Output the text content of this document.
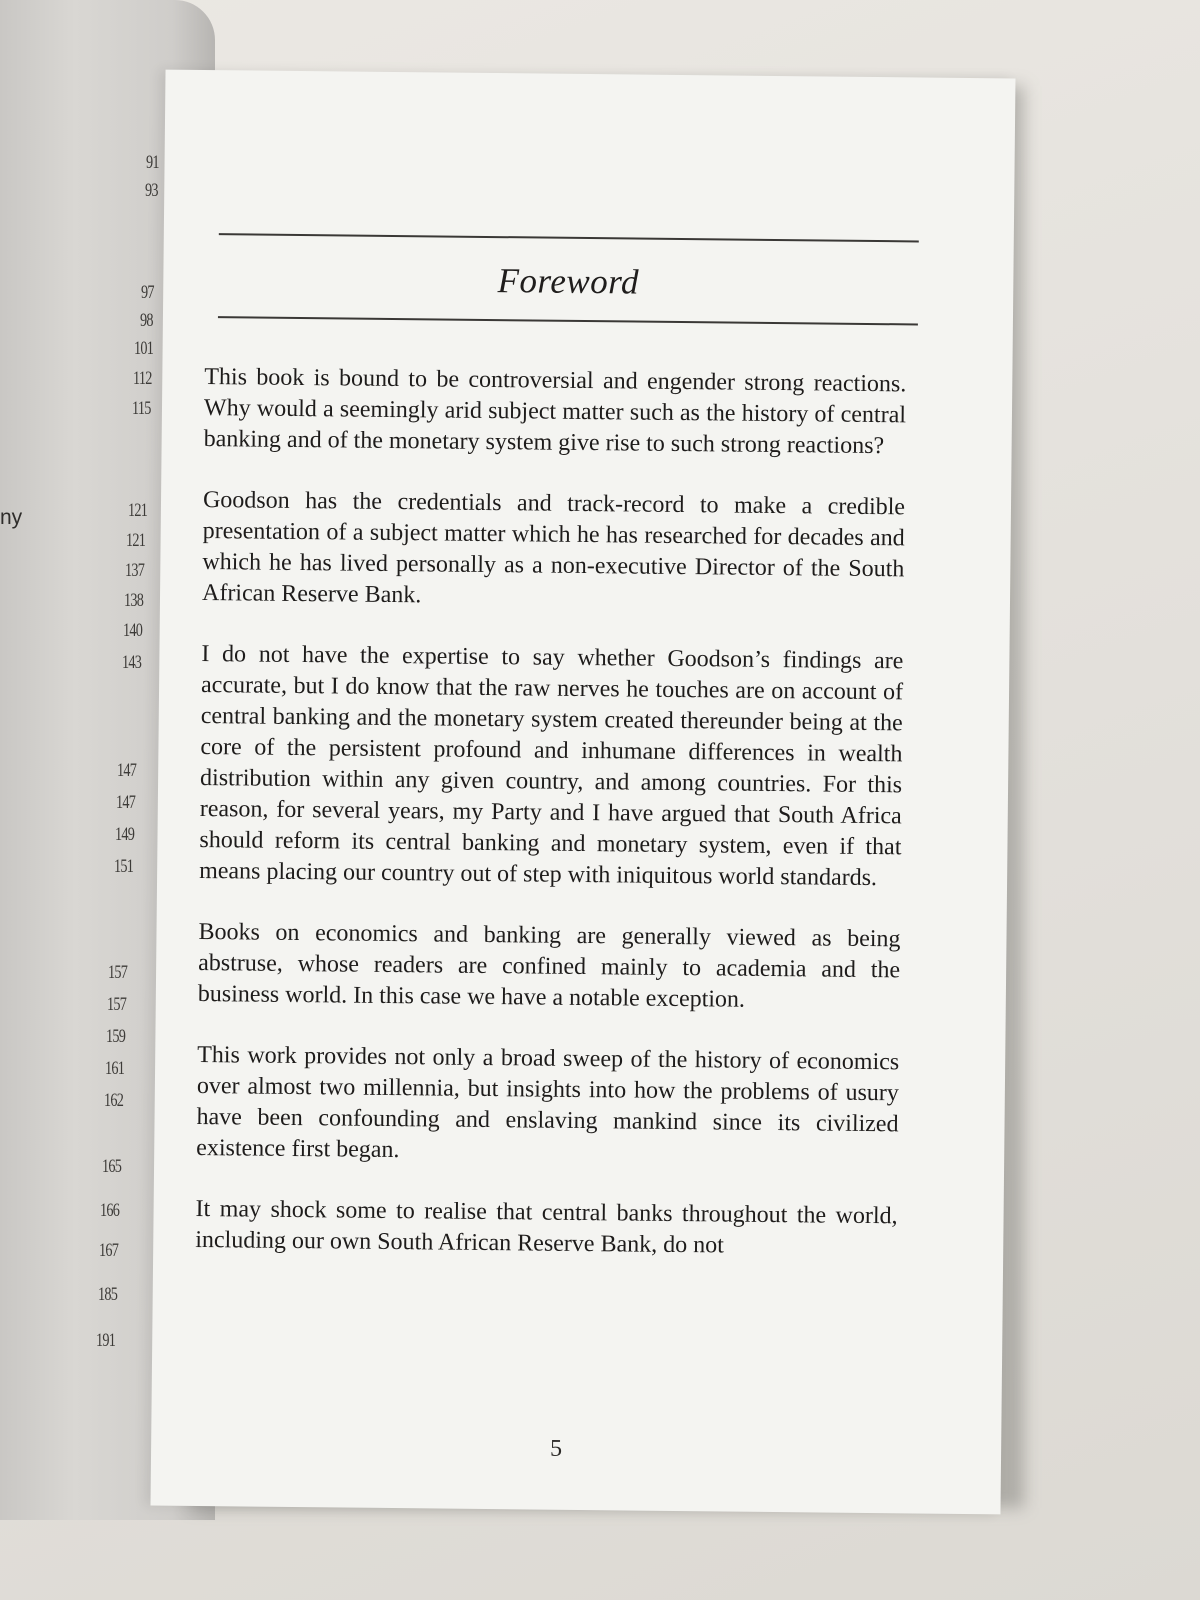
91
93
97
98
101
112
115
121
121
137
138
140
143
147
147
149
151
157
157
159
161
162
165
166
167
185
191
ny
Foreword

This book is bound to be controversial and engender strong reactions. Why would a seemingly arid subject matter such as the history of central banking and of the monetary system give rise to such strong reactions?

Goodson has the credentials and track-record to make a credible presentation of a subject matter which he has researched for decades and which he has lived personally as a non-executive Director of the South African Reserve Bank.

I do not have the expertise to say whether Goodson’s findings are accurate, but I do know that the raw nerves he touches are on account of central banking and the monetary system created thereunder being at the core of the persistent profound and inhumane differences in wealth distribution within any given country, and among countries. For this reason, for several years, my Party and I have argued that South Africa should reform its central banking and monetary system, even if that means placing our country out of step with iniquitous world standards.

Books on economics and banking are generally viewed as being abstruse, whose readers are confined mainly to academia and the business world. In this case we have a notable exception.

This work provides not only a broad sweep of the history of economics over almost two millennia, but insights into how the problems of usury have been confounding and enslaving mankind since its civilized existence first began.

It may shock some to realise that central banks throughout the world, including our own South African Reserve Bank, do not

5
